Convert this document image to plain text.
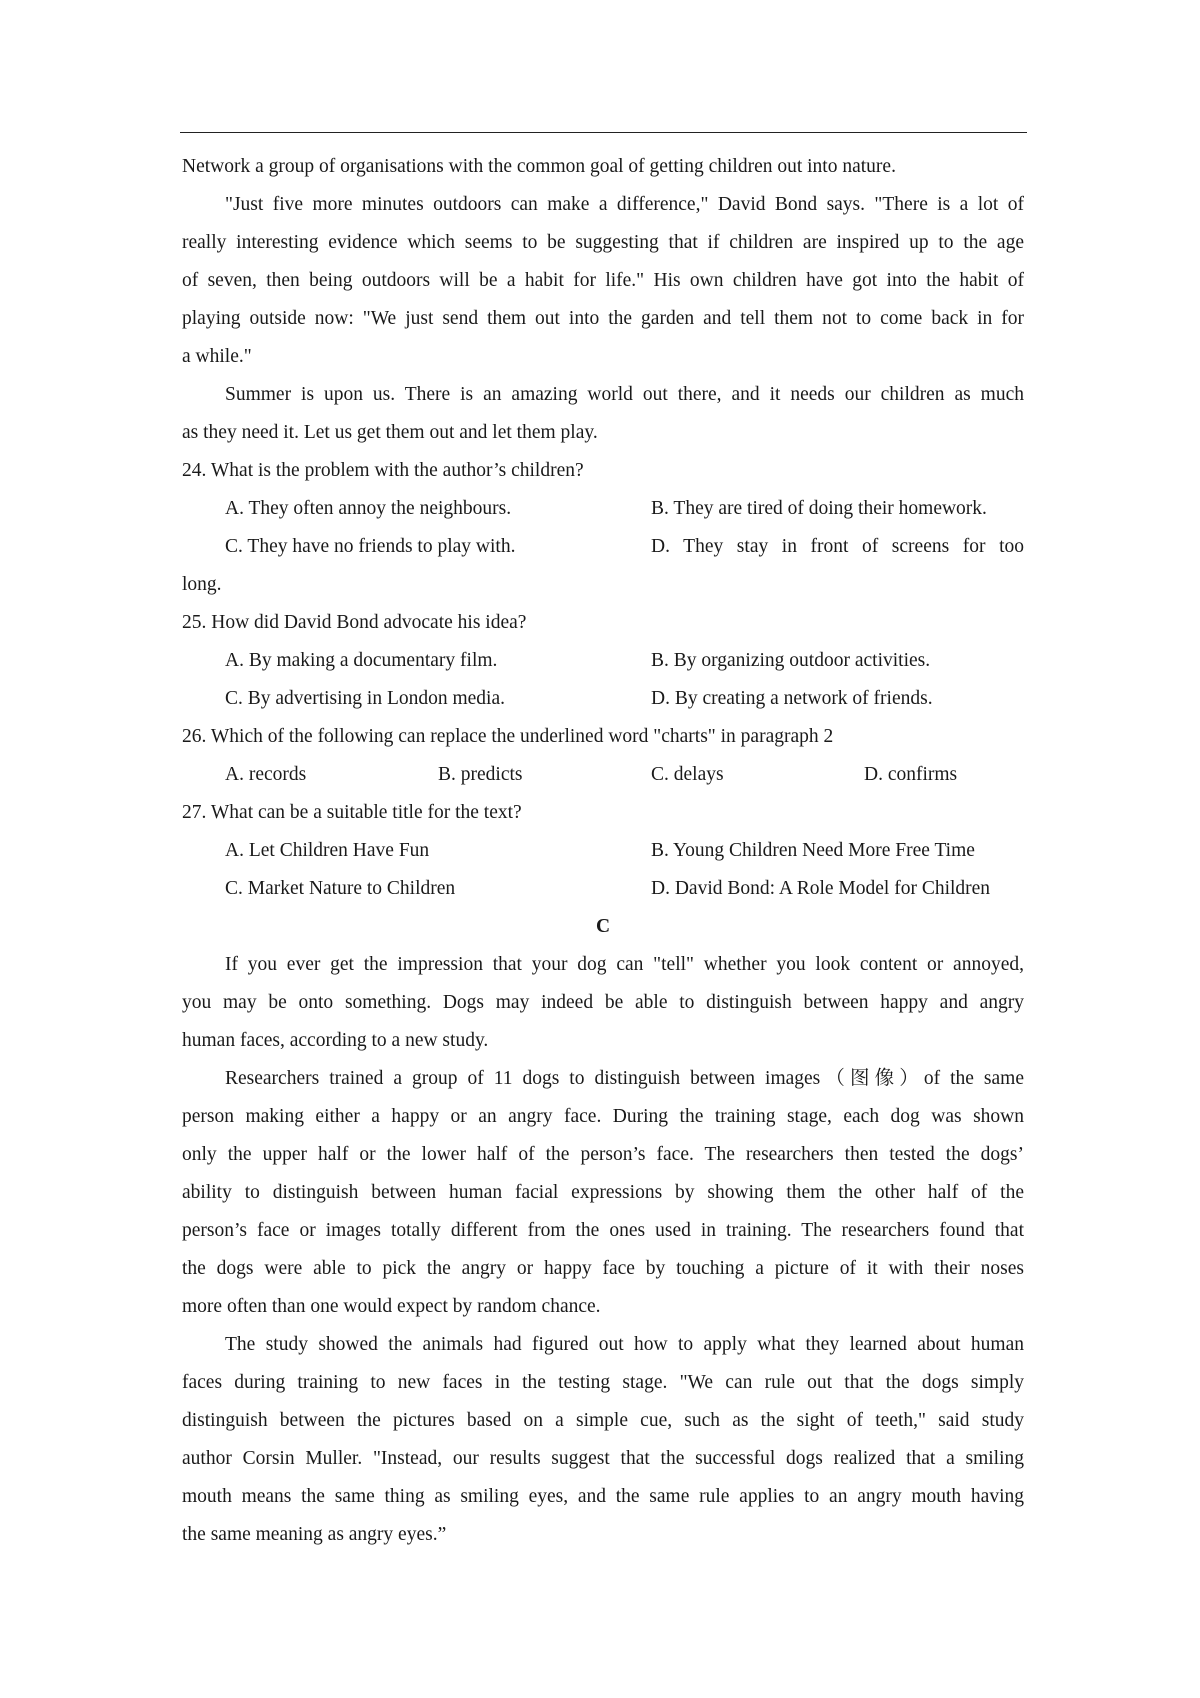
Network a group of organisations with the common goal of getting children out into nature.
"Just five more minutes outdoors can make a difference," David Bond says. "There is a lot of
really interesting evidence which seems to be suggesting that if children are inspired up to the age
of seven, then being outdoors will be a habit for life." His own children have got into the habit of
playing outside now: "We just send them out into the garden and tell them not to come back in for
a while."
Summer is upon us. There is an amazing world out there, and it needs our children as much
as they need it. Let us get them out and let them play.
24. What is the problem with the author’s children?
A. They often annoy the neighbours.	B. They are tired of doing their homework.
C. They have no friends to play with.	D. They stay in front of screens for too
long.
25. How did David Bond advocate his idea?
A. By making a documentary film.	B. By organizing outdoor activities.
C. By advertising in London media.	D. By creating a network of friends.
26. Which of the following can replace the underlined word "charts" in paragraph 2
A. records	B. predicts	C. delays	D. confirms
27. What can be a suitable title for the text?
A. Let Children Have Fun	B. Young Children Need More Free Time
C. Market Nature to Children	D. David Bond: A Role Model for Children
C
If you ever get the impression that your dog can "tell" whether you look content or annoyed,
you may be onto something. Dogs may indeed be able to distinguish between happy and angry
human faces, according to a new study.
Researchers trained a group of 11 dogs to distinguish between images（图像）of the same
person making either a happy or an angry face. During the training stage, each dog was shown
only the upper half or the lower half of the person’s face. The researchers then tested the dogs’
ability to distinguish between human facial expressions by showing them the other half of the
person’s face or images totally different from the ones used in training. The researchers found that
the dogs were able to pick the angry or happy face by touching a picture of it with their noses
more often than one would expect by random chance.
The study showed the animals had figured out how to apply what they learned about human
faces during training to new faces in the testing stage. "We can rule out that the dogs simply
distinguish between the pictures based on a simple cue, such as the sight of teeth," said study
author Corsin Muller. "Instead, our results suggest that the successful dogs realized that a smiling
mouth means the same thing as smiling eyes, and the same rule applies to an angry mouth having
the same meaning as angry eyes.”
